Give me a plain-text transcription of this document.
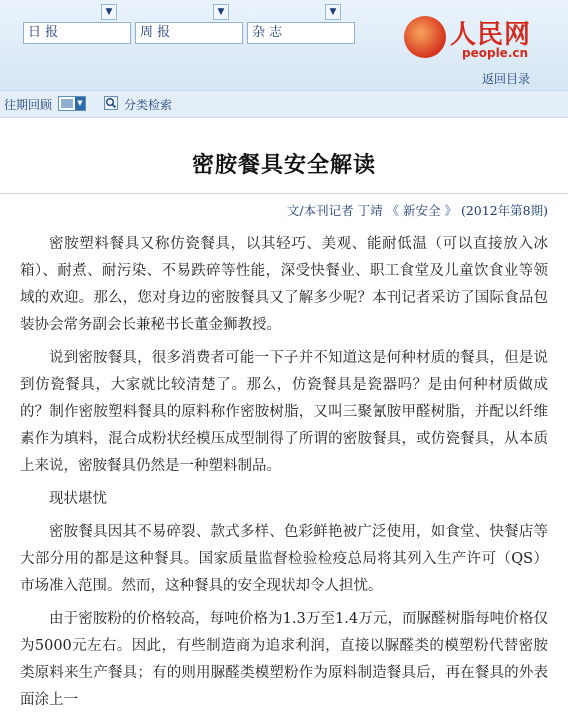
日 报
▼
周 报
▼
杂 志
▼
人民网
people.cn
返回目录
往期回顾	▼	分类检索
密胺餐具安全解读
文/本刊记者 丁靖 《 新安全 》 (2012年第8期)

密胺塑料餐具又称仿瓷餐具，以其轻巧、美观、能耐低温（可以直接放入冰箱）、耐煮、耐污染、不易跌碎等性能，深受快餐业、职工食堂及儿童饮食业等领域的欢迎。那么，您对身边的密胺餐具又了解多少呢？本刊记者采访了国际食品包装协会常务副会长兼秘书长董金狮教授。

说到密胺餐具，很多消费者可能一下子并不知道这是何种材质的餐具，但是说到仿瓷餐具，大家就比较清楚了。那么，仿瓷餐具是瓷器吗？是由何种材质做成的？制作密胺塑料餐具的原料称作密胺树脂，又叫三聚氰胺甲醛树脂，并配以纤维素作为填料，混合成粉状经模压成型制得了所谓的密胺餐具，或仿瓷餐具，从本质上来说，密胺餐具仍然是一种塑料制品。

现状堪忧

密胺餐具因其不易碎裂、款式多样、色彩鲜艳被广泛使用，如食堂、快餐店等大部分用的都是这种餐具。国家质量监督检验检疫总局将其列入生产许可（QS）市场准入范围。然而，这种餐具的安全现状却令人担忧。

由于密胺粉的价格较高，每吨价格为1.3万至1.4万元，而脲醛树脂每吨价格仅为5000元左右。因此，有些制造商为追求利润，直接以脲醛类的模塑粉代替密胺类原料来生产餐具；有的则用脲醛类模塑粉作为原料制造餐具后，再在餐具的外表面涂上一
